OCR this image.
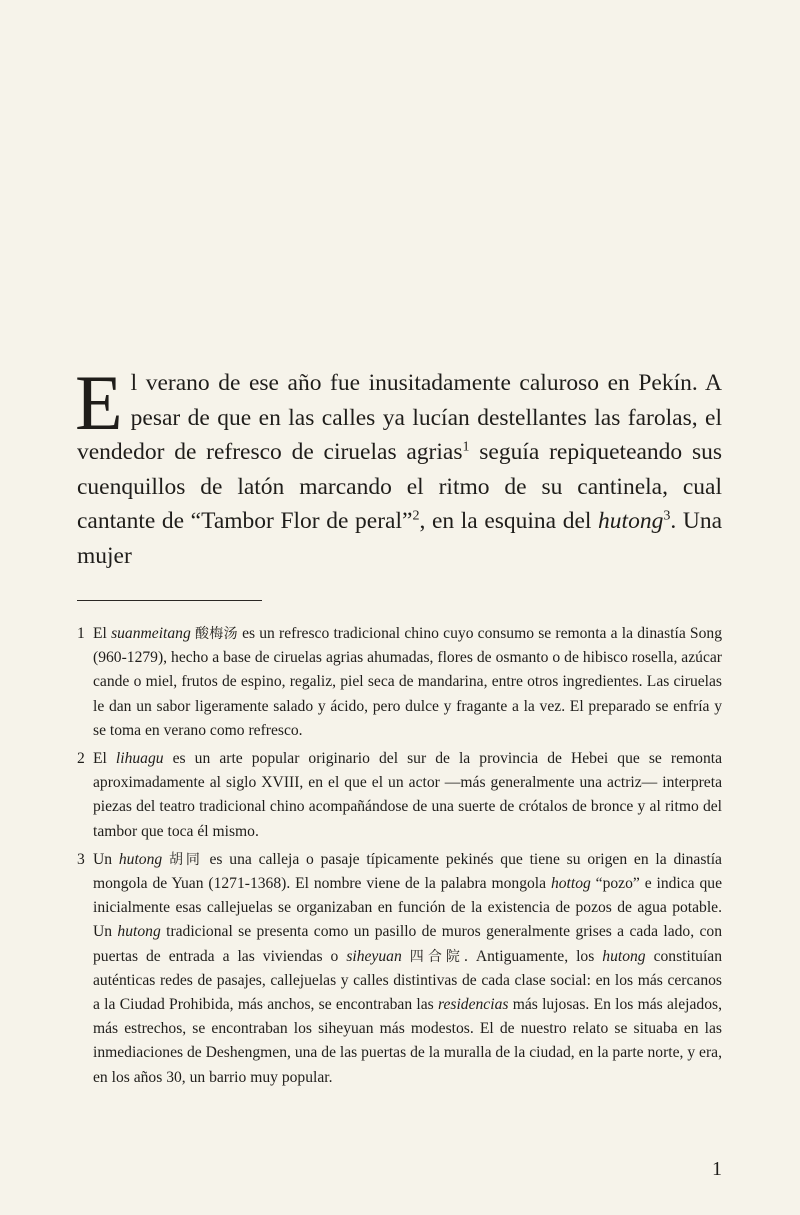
El verano de ese año fue inusitadamente caluroso en Pekín. A pesar de que en las calles ya lucían destellantes las farolas, el vendedor de refresco de ciruelas agrias$^1$ seguía repiqueteando sus cuenquillos de latón marcando el ritmo de su cantinela, cual cantante de “Tambor Flor de peral”$^2$, en la esquina del hutong$^3$. Una mujer

1 El suanmeitang 酸梅汤 es un refresco tradicional chino cuyo consumo se remonta a la dinastía Song (960-1279), hecho a base de ciruelas agrias ahumadas, flores de osmanto o de hibisco rosella, azúcar cande o miel, frutos de espino, regaliz, piel seca de mandarina, entre otros ingredientes. Las ciruelas le dan un sabor ligeramente salado y ácido, pero dulce y fragante a la vez. El preparado se enfría y se toma en verano como refresco.

2 El lihuagu es un arte popular originario del sur de la provincia de Hebei que se remonta aproximadamente al siglo XVIII, en el que el un actor —más generalmente una actriz— interpreta piezas del teatro tradicional chino acompañándose de una suerte de crótalos de bronce y al ritmo del tambor que toca él mismo.

3 Un hutong 胡同 es una calleja o pasaje típicamente pekinés que tiene su origen en la dinastía mongola de Yuan (1271-1368). El nombre viene de la palabra mongola hottog “pozo” e indica que inicialmente esas callejuelas se organizaban en función de la existencia de pozos de agua potable. Un hutong tradicional se presenta como un pasillo de muros generalmente grises a cada lado, con puertas de entrada a las viviendas o siheyuan 四合院. Antiguamente, los hutong constituían auténticas redes de pasajes, callejuelas y calles distintivas de cada clase social: en los más cercanos a la Ciudad Prohibida, más anchos, se encontraban las residencias más lujosas. En los más alejados, más estrechos, se encontraban los siheyuan más modestos. El de nuestro relato se situaba en las inmediaciones de Deshengmen, una de las puertas de la muralla de la ciudad, en la parte norte, y era, en los años 30, un barrio muy popular.

1
